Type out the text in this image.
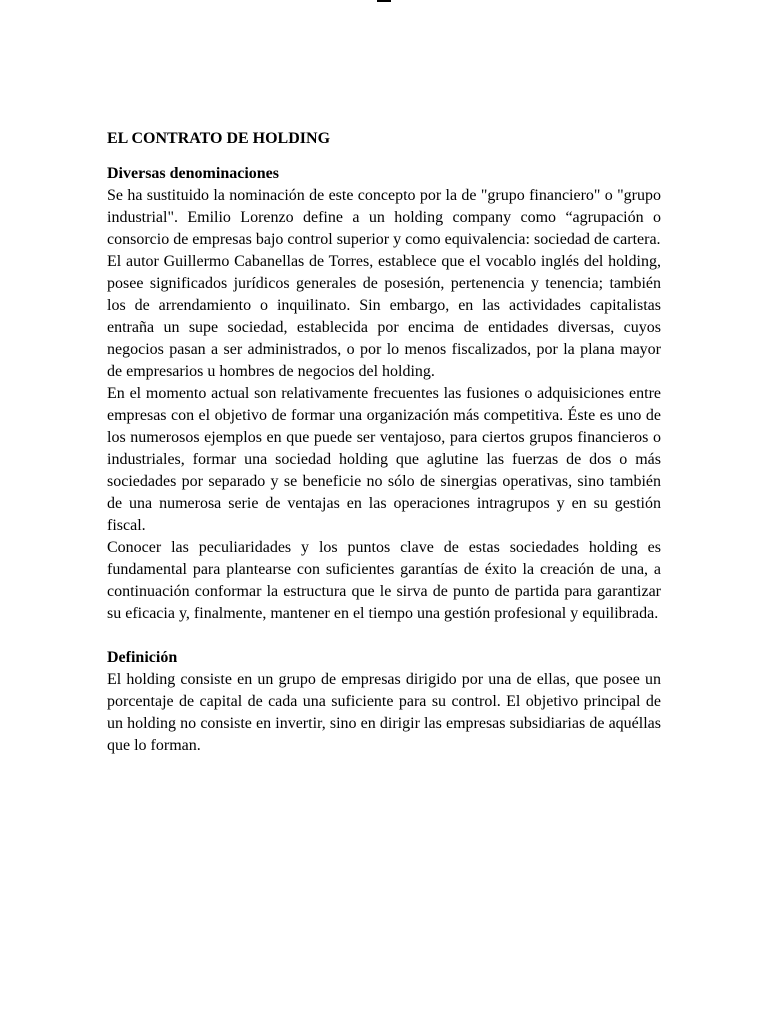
EL CONTRATO DE HOLDING
Diversas denominaciones

Se ha sustituido la nominación de este concepto por la de "grupo financiero" o "grupo industrial". Emilio Lorenzo define a un holding company como “agrupación o consorcio de empresas bajo control superior y como equivalencia: sociedad de cartera.

El autor Guillermo Cabanellas de Torres, establece que el vocablo inglés del holding, posee significados jurídicos generales de posesión, pertenencia y tenencia; también los de arrendamiento o inquilinato. Sin embargo, en las actividades capitalistas entraña un supe sociedad, establecida por encima de entidades diversas, cuyos negocios pasan a ser administrados, o por lo menos fiscalizados, por la plana mayor de empresarios u hombres de negocios del holding.

En el momento actual son relativamente frecuentes las fusiones o adquisiciones entre empresas con el objetivo de formar una organización más competitiva. Éste es uno de los numerosos ejemplos en que puede ser ventajoso, para ciertos grupos financieros o industriales, formar una sociedad holding que aglutine las fuerzas de dos o más sociedades por separado y se beneficie no sólo de sinergias operativas, sino también de una numerosa serie de ventajas en las operaciones intragrupos y en su gestión fiscal.

Conocer las peculiaridades y los puntos clave de estas sociedades holding es fundamental para plantearse con suficientes garantías de éxito la creación de una, a continuación conformar la estructura que le sirva de punto de partida para garantizar su eficacia y, finalmente, mantener en el tiempo una gestión profesional y equilibrada.

Definición

El holding consiste en un grupo de empresas dirigido por una de ellas, que posee un porcentaje de capital de cada una suficiente para su control. El objetivo principal de un holding no consiste en invertir, sino en dirigir las empresas subsidiarias de aquéllas que lo forman.
